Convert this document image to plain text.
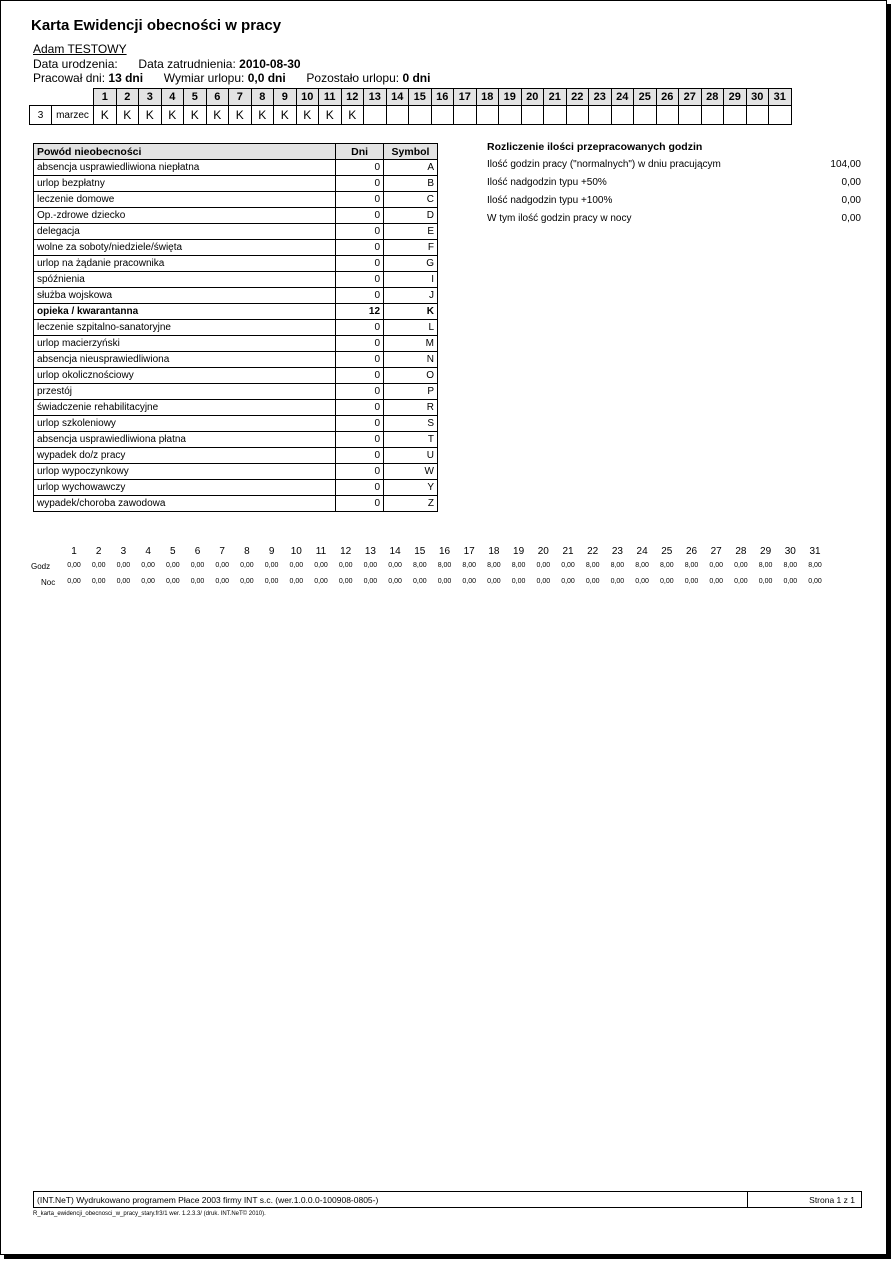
Karta Ewidencji obecności w pracy
Adam TESTOWY
Data urodzenia: Data zatrudnienia: 2010-08-30
Pracował dni: 13 dni Wymiar urlopu: 0,0 dni Pozostało urlopu: 0 dni
		1	2	3	4	5	6	7	8	9	10	11	12	13	14	15	16	17	18	19	20	21	22	23	24	25	26	27	28	29	30	31
3	marzec	K	K	K	K	K	K	K	K	K	K	K	K																			
Powód nieobecności	Dni	Symbol
absencja usprawiedliwiona niepłatna	0	A
urlop bezpłatny	0	B
leczenie domowe	0	C
Op.-zdrowe dziecko	0	D
delegacja	0	E
wolne za soboty/niedziele/święta	0	F
urlop na żądanie pracownika	0	G
spóźnienia	0	I
służba wojskowa	0	J
opieka / kwarantanna	12	K
leczenie szpitalno-sanatoryjne	0	L
urlop macierzyński	0	M
absencja nieusprawiedliwiona	0	N
urlop okolicznościowy	0	O
przestój	0	P
świadczenie rehabilitacyjne	0	R
urlop szkoleniowy	0	S
absencja usprawiedliwiona płatna	0	T
wypadek do/z pracy	0	U
urlop wypoczynkowy	0	W
urlop wychowawczy	0	Y
wypadek/choroba zawodowa	0	Z
Rozliczenie ilości przepracowanych godzin
Ilość godzin pracy ("normalnych") w dniu pracującym	104,00
Ilość nadgodzin typu +50%	0,00
Ilość nadgodzin typu +100%	0,00
W tym ilość godzin pracy w nocy	0,00
1	2	3	4	5	6	7	8	9	10	11	12	13	14	15	16	17	18	19	20	21	22	23	24	25	26	27	28	29	30	31
Godz	0,00	0,00	0,00	0,00	0,00	0,00	0,00	0,00	0,00	0,00	0,00	0,00	0,00	0,00	8,00	8,00	8,00	8,00	8,00	0,00	0,00	8,00	8,00	8,00	8,00	8,00	0,00	0,00	8,00	8,00	8,00
Noc	0,00	0,00	0,00	0,00	0,00	0,00	0,00	0,00	0,00	0,00	0,00	0,00	0,00	0,00	0,00	0,00	0,00	0,00	0,00	0,00	0,00	0,00	0,00	0,00	0,00	0,00	0,00	0,00	0,00	0,00	0,00
(INT.NeT) Wydrukowano programem Płace 2003 firmy INT s.c. (wer.1.0.0.0-100908-0805-)	Strona 1 z 1
R_karta_ewidencji_obecnosci_w_pracy_stary.fr3/1 wer. 1.2.3.3/ (druk. INT.NeT© 2010).
